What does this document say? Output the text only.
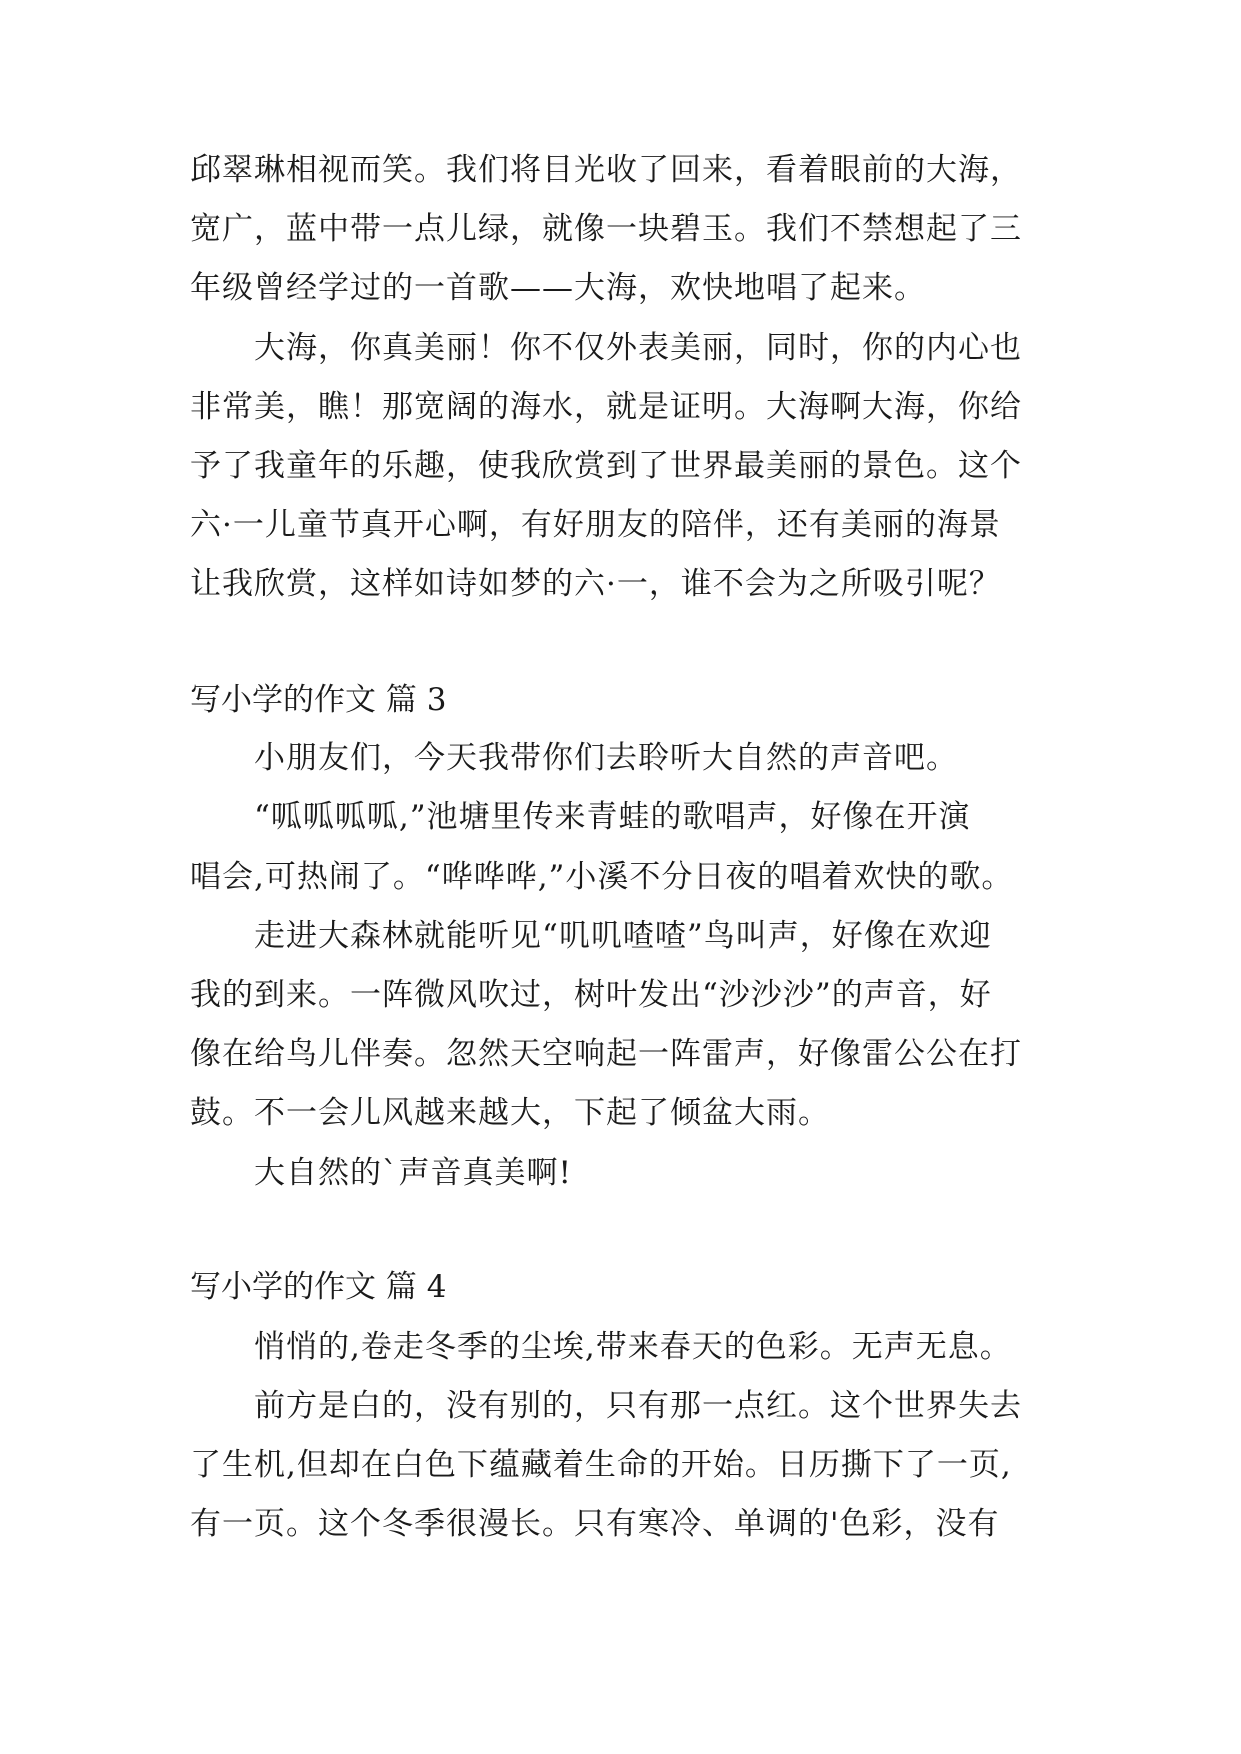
邱翠琳相视而笑。我们将目光收了回来，看着眼前的大海，
宽广，蓝中带一点儿绿，就像一块碧玉。我们不禁想起了三
年级曾经学过的一首歌——大海，欢快地唱了起来。
大海，你真美丽！你不仅外表美丽，同时，你的内心也
非常美，瞧！那宽阔的海水，就是证明。大海啊大海，你给
予了我童年的乐趣，使我欣赏到了世界最美丽的景色。这个
六·一儿童节真开心啊，有好朋友的陪伴，还有美丽的海景
让我欣赏，这样如诗如梦的六·一，谁不会为之所吸引呢？
写小学的作文 篇 3
小朋友们，今天我带你们去聆听大自然的声音吧。
“呱呱呱呱,”池塘里传来青蛙的歌唱声，好像在开演
唱会,可热闹了。“哗哗哗,”小溪不分日夜的唱着欢快的歌。
走进大森林就能听见“叽叽喳喳”鸟叫声，好像在欢迎
我的到来。一阵微风吹过，树叶发出“沙沙沙”的声音，好
像在给鸟儿伴奏。忽然天空响起一阵雷声，好像雷公公在打
鼓。不一会儿风越来越大，下起了倾盆大雨。
大自然的`声音真美啊!
写小学的作文 篇 4
悄悄的,卷走冬季的尘埃,带来春天的色彩。无声无息。
前方是白的，没有别的，只有那一点红。这个世界失去
了生机,但却在白色下蕴藏着生命的开始。日历撕下了一页,
有一页。这个冬季很漫长。只有寒冷、单调的'色彩，没有
